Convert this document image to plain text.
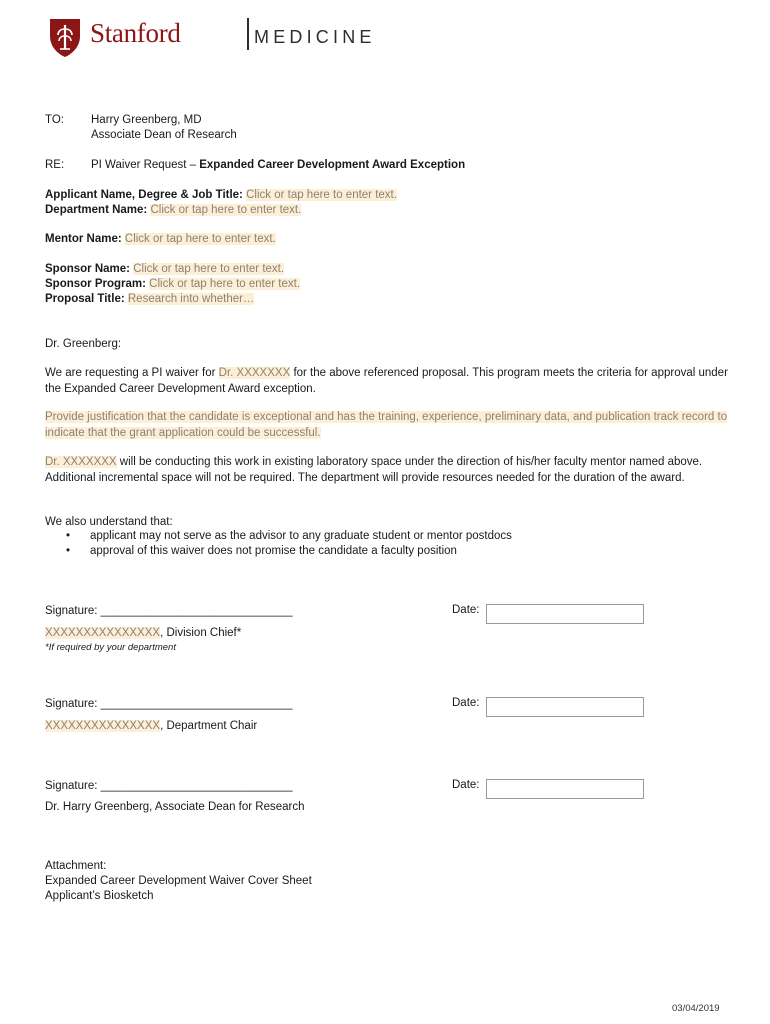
Stanford	MEDICINE
TO: Harry Greenberg, MD
Associate Dean of Research
RE: PI Waiver Request – Expanded Career Development Award Exception
Applicant Name, Degree & Job Title: Click or tap here to enter text.
Department Name: Click or tap here to enter text.
Mentor Name: Click or tap here to enter text.
Sponsor Name: Click or tap here to enter text.
Sponsor Program: Click or tap here to enter text.
Proposal Title: Research into whether…
Dr. Greenberg:
We are requesting a PI waiver for Dr. XXXXXXX for the above referenced proposal. This program meets the criteria for approval under the Expanded Career Development Award exception.
Provide justification that the candidate is exceptional and has the training, experience, preliminary data, and publication track record to indicate that the grant application could be successful.
Dr. XXXXXXX will be conducting this work in existing laboratory space under the direction of his/her faculty mentor named above. Additional incremental space will not be required. The department will provide resources needed for the duration of the award.
We also understand that:
• applicant may not serve as the advisor to any graduate student or mentor postdocs
• approval of this waiver does not promise the candidate a faculty position
Signature: ______________________________	Date:
XXXXXXXXXXXXXXX, Division Chief*
*If required by your department
Signature: ______________________________	Date:
XXXXXXXXXXXXXXX, Department Chair
Signature: ______________________________	Date:
Dr. Harry Greenberg, Associate Dean for Research
Attachment:
Expanded Career Development Waiver Cover Sheet
Applicant’s Biosketch
03/04/2019
